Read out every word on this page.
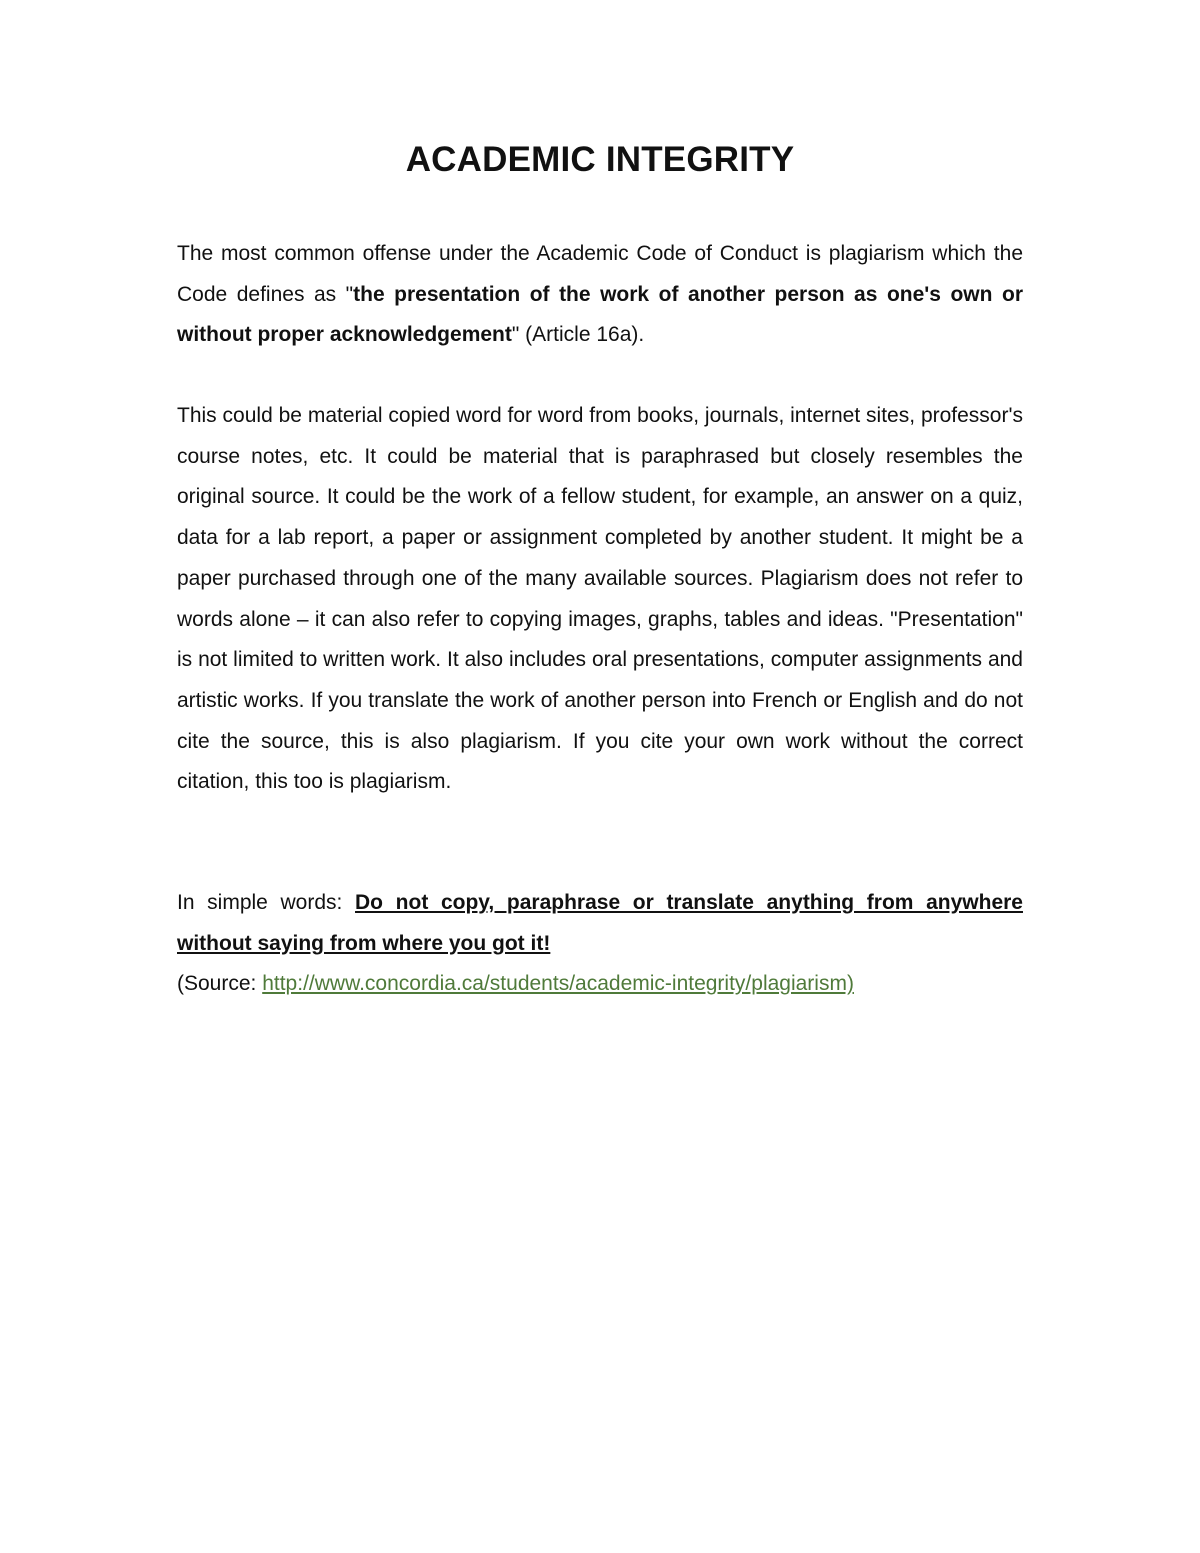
ACADEMIC INTEGRITY

The most common offense under the Academic Code of Conduct is plagiarism which the Code defines as "the presentation of the work of another person as one's own or without proper acknowledgement" (Article 16a).

This could be material copied word for word from books, journals, internet sites, professor's course notes, etc. It could be material that is paraphrased but closely resembles the original source. It could be the work of a fellow student, for example, an answer on a quiz, data for a lab report, a paper or assignment completed by another student. It might be a paper purchased through one of the many available sources. Plagiarism does not refer to words alone – it can also refer to copying images, graphs, tables and ideas. "Presentation" is not limited to written work. It also includes oral presentations, computer assignments and artistic works. If you translate the work of another person into French or English and do not cite the source, this is also plagiarism. If you cite your own work without the correct citation, this too is plagiarism.

In simple words: Do not copy, paraphrase or translate anything from anywhere without saying from where you got it!

(Source: http://www.concordia.ca/students/academic-integrity/plagiarism)
